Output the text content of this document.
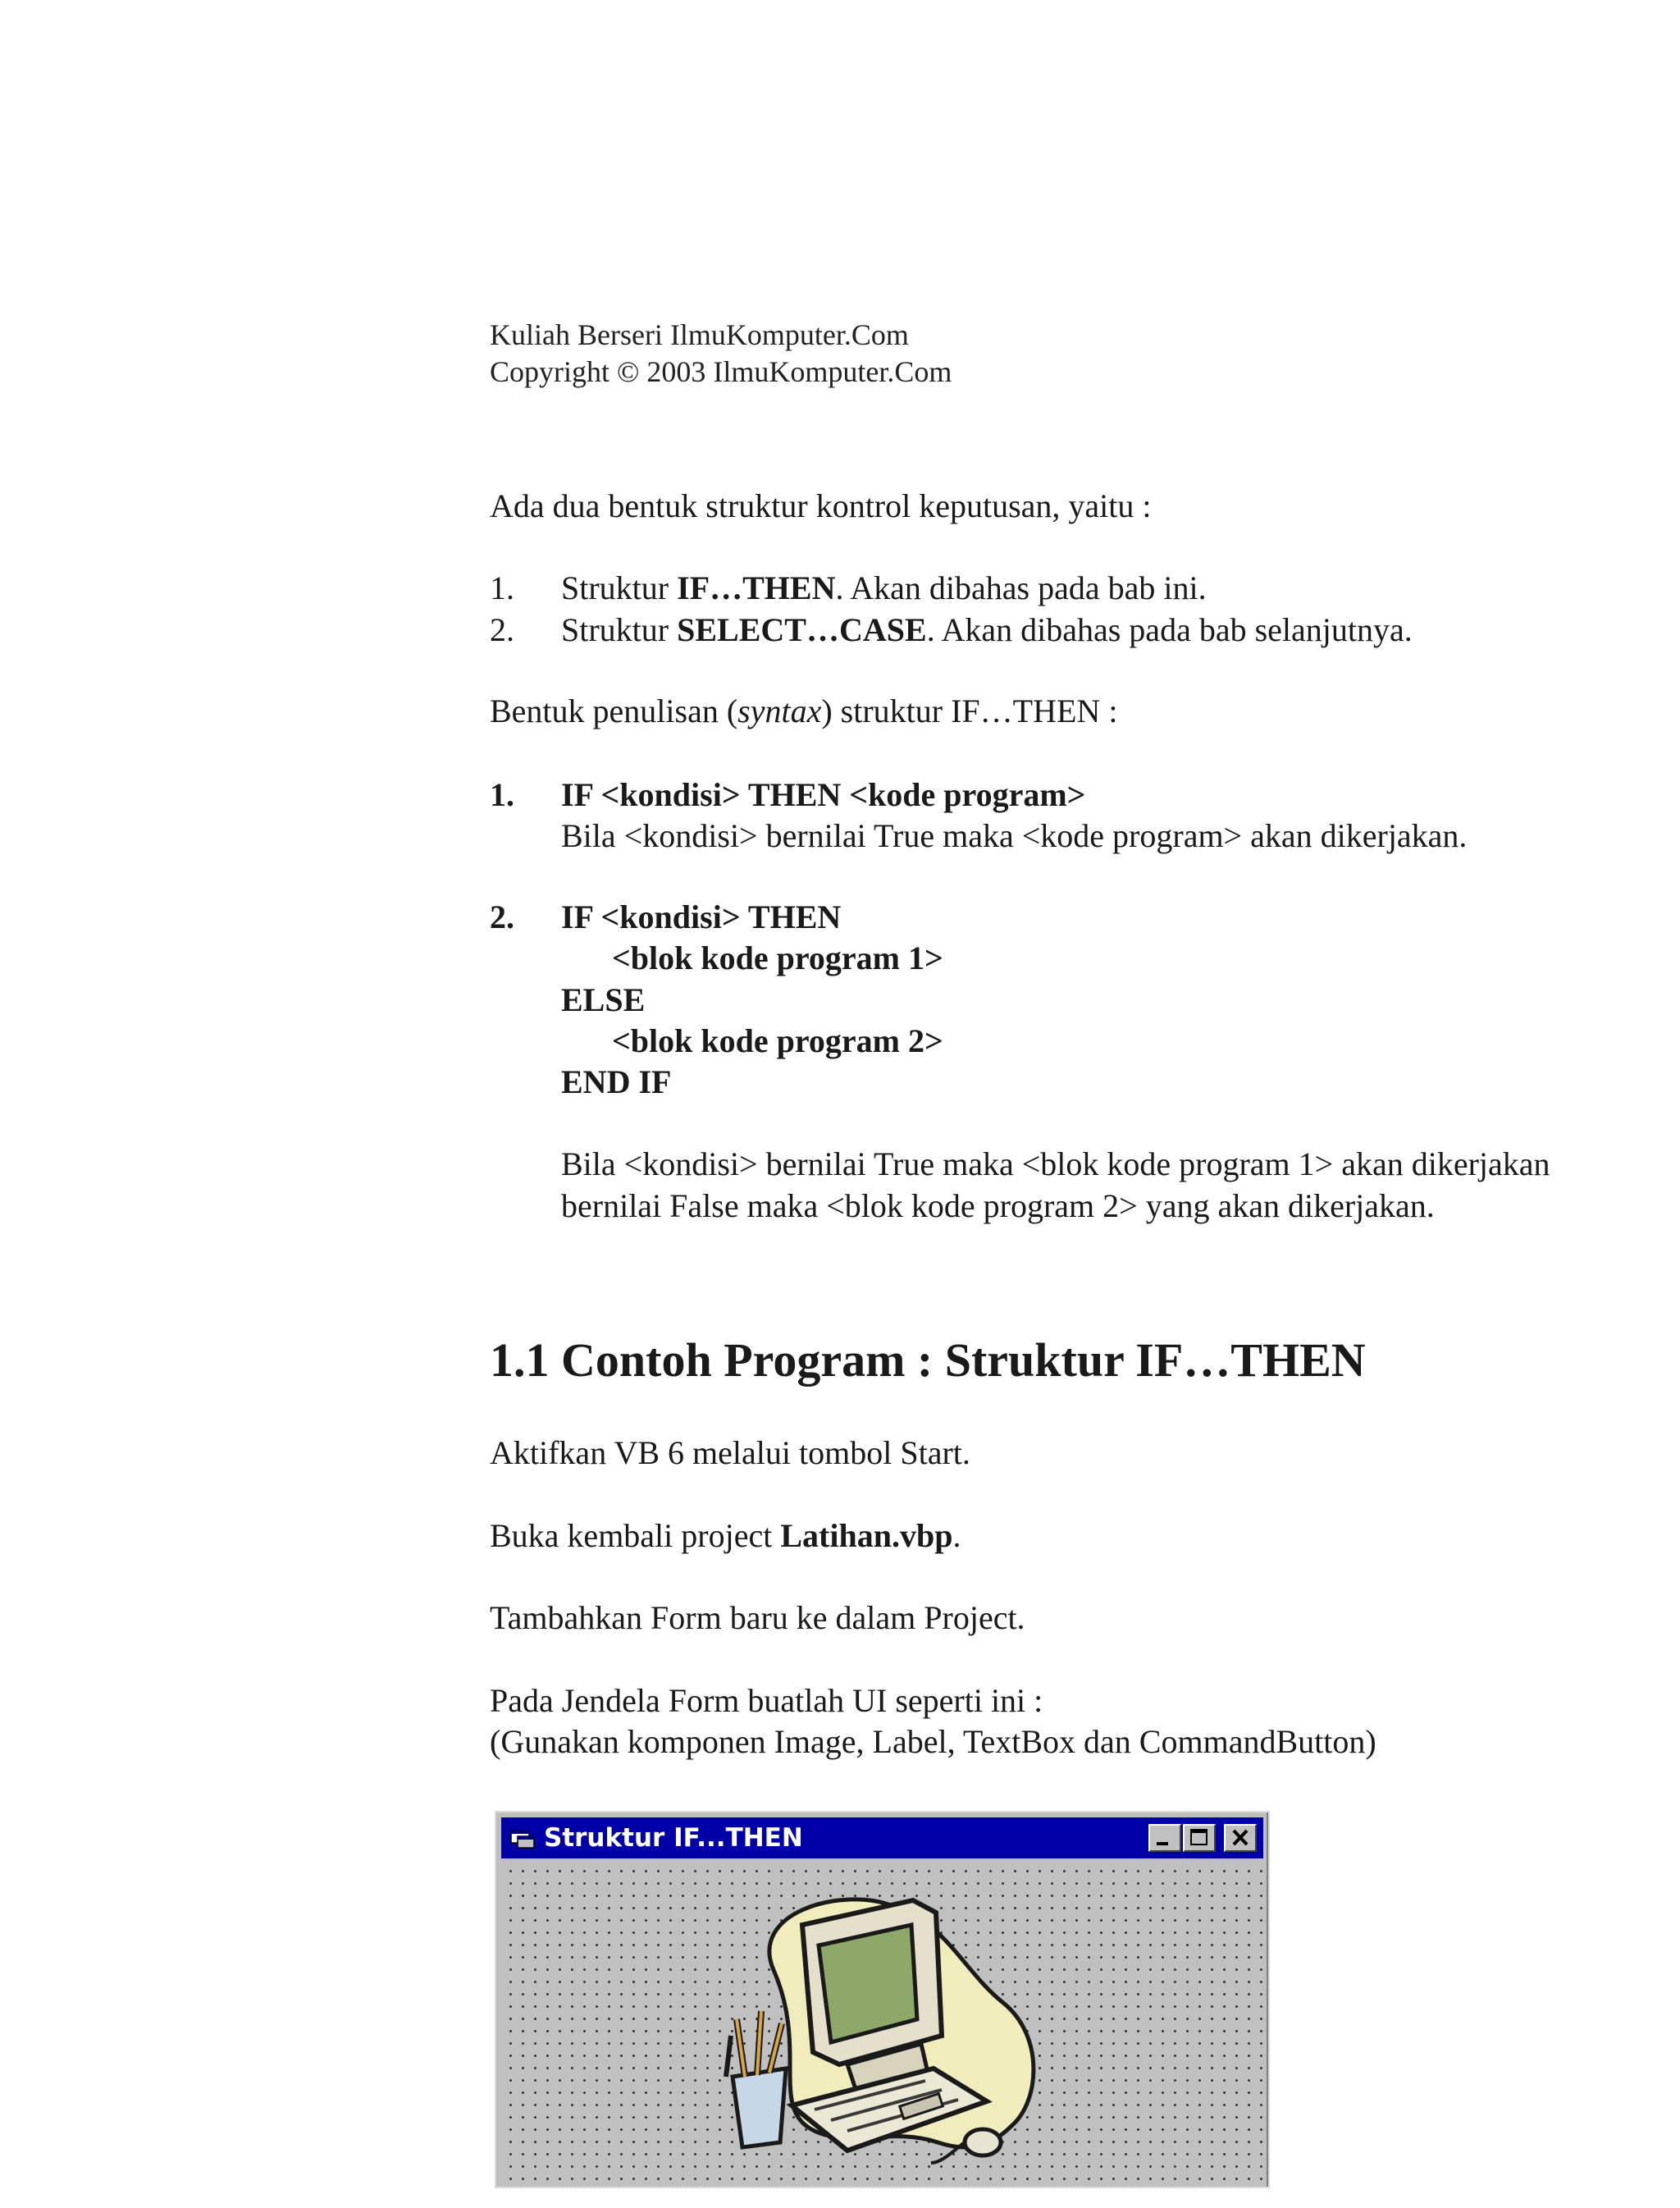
Kuliah Berseri IlmuKomputer.Com
Copyright © 2003 IlmuKomputer.Com
Ada dua bentuk struktur kontrol keputusan, yaitu :
1. Struktur IF…THEN. Akan dibahas pada bab ini.
2. Struktur SELECT…CASE. Akan dibahas pada bab selanjutnya.
Bentuk penulisan (syntax) struktur IF…THEN :
1. IF <kondisi> THEN <kode program>
Bila <kondisi> bernilai True maka <kode program> akan dikerjakan.
2. IF <kondisi> THEN
<blok kode program 1>
ELSE
<blok kode program 2>
END IF
Bila <kondisi> bernilai True maka <blok kode program 1> akan dikerjakan
bernilai False maka <blok kode program 2> yang akan dikerjakan.
1.1 Contoh Program : Struktur IF…THEN
Aktifkan VB 6 melalui tombol Start.
Buka kembali project Latihan.vbp.
Tambahkan Form baru ke dalam Project.
Pada Jendela Form buatlah UI seperti ini :
(Gunakan komponen Image, Label, TextBox dan CommandButton)
Struktur IF...THEN
